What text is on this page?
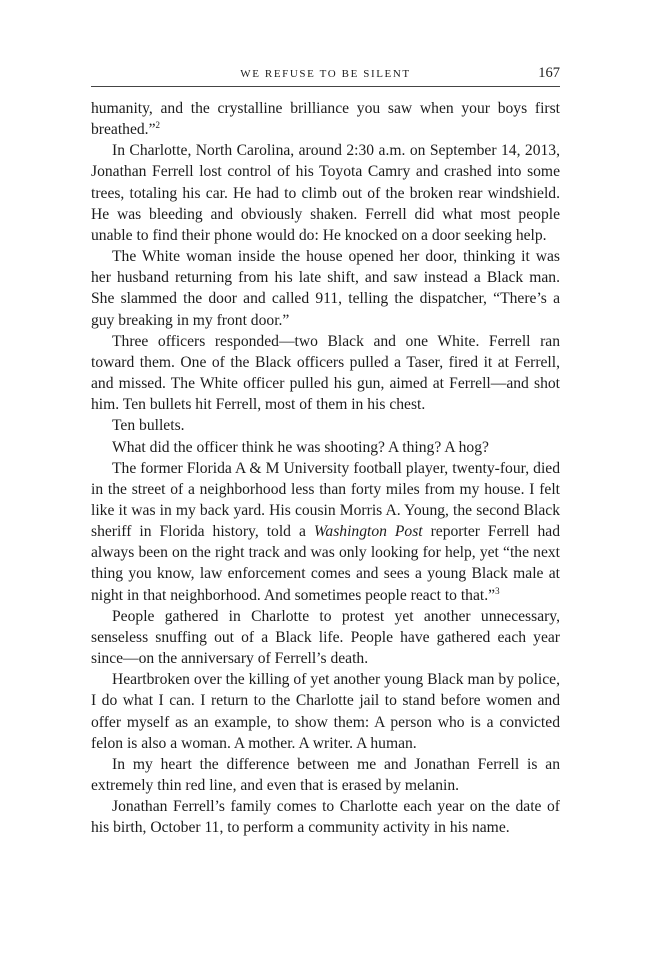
WE REFUSE TO BE SILENT	167

humanity, and the crystalline brilliance you saw when your boys first breathed.”$^2$

In Charlotte, North Carolina, around 2:30 a.m. on September 14, 2013, Jonathan Ferrell lost control of his Toyota Camry and crashed into some trees, totaling his car. He had to climb out of the broken rear windshield. He was bleeding and obviously shaken. Ferrell did what most people unable to find their phone would do: He knocked on a door seeking help.

The White woman inside the house opened her door, thinking it was her husband returning from his late shift, and saw instead a Black man. She slammed the door and called 911, telling the dispatcher, “There’s a guy breaking in my front door.”

Three officers responded—two Black and one White. Ferrell ran toward them. One of the Black officers pulled a Taser, fired it at Ferrell, and missed. The White officer pulled his gun, aimed at Ferrell—and shot him. Ten bullets hit Ferrell, most of them in his chest.

Ten bullets.

What did the officer think he was shooting? A thing? A hog?

The former Florida A & M University football player, twenty-four, died in the street of a neighborhood less than forty miles from my house. I felt like it was in my back yard. His cousin Morris A. Young, the second Black sheriff in Florida history, told a Washington Post reporter Ferrell had always been on the right track and was only looking for help, yet “the next thing you know, law enforcement comes and sees a young Black male at night in that neighborhood. And sometimes people react to that.”$^3$

People gathered in Charlotte to protest yet another unnecessary, senseless snuffing out of a Black life. People have gathered each year since—on the anniversary of Ferrell’s death.

Heartbroken over the killing of yet another young Black man by police, I do what I can. I return to the Charlotte jail to stand before women and offer myself as an example, to show them: A person who is a convicted felon is also a woman. A mother. A writer. A human.

In my heart the difference between me and Jonathan Ferrell is an extremely thin red line, and even that is erased by melanin.

Jonathan Ferrell’s family comes to Charlotte each year on the date of his birth, October 11, to perform a community activity in his name.
